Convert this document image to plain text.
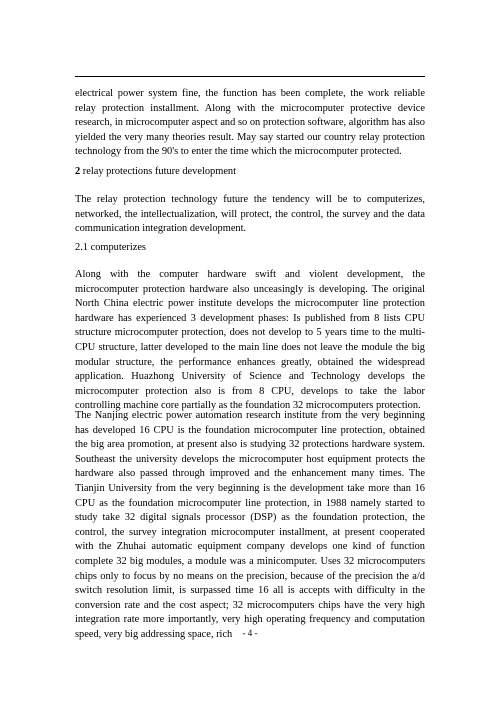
electrical power system fine, the function has been complete, the work reliable relay protection installment. Along with the microcomputer protective device research, in microcomputer aspect and so on protection software, algorithm has also yielded the very many theories result. May say started our country relay protection technology from the 90's to enter the time which the microcomputer protected.

2 relay protections future development

The relay protection technology future the tendency will be to computerizes, networked, the intellectualization, will protect, the control, the survey and the data communication integration development.

2.1 computerizes

Along with the computer hardware swift and violent development, the microcomputer protection hardware also unceasingly is developing. The original North China electric power institute develops the microcomputer line protection hardware has experienced 3 development phases: Is published from 8 lists CPU structure microcomputer protection, does not develop to 5 years time to the multi- CPU structure, latter developed to the main line does not leave the module the big modular structure, the performance enhances greatly, obtained the widespread application. Huazhong University of Science and Technology develops the microcomputer protection also is from 8 CPU, develops to take the labor controlling machine core partially as the foundation 32 microcomputers protection.

The Nanjing electric power automation research institute from the very beginning has developed 16 CPU is the foundation microcomputer line protection, obtained the big area promotion, at present also is studying 32 protections hardware system. Southeast the university develops the microcomputer host equipment protects the hardware also passed through improved and the enhancement many times. The Tianjin University from the very beginning is the development take more than 16 CPU as the foundation microcomputer line protection, in 1988 namely started to study take 32 digital signals processor (DSP) as the foundation protection, the control, the survey integration microcomputer installment, at present cooperated with the Zhuhai automatic equipment company develops one kind of function complete 32 big modules, a module was a minicomputer. Uses 32 microcomputers chips only to focus by no means on the precision, because of the precision the a/d switch resolution limit, is surpassed time 16 all is accepts with difficulty in the conversion rate and the cost aspect; 32 microcomputers chips have the very high integration rate more importantly, very high operating frequency and computation speed, very big addressing space, rich	- 4 -
